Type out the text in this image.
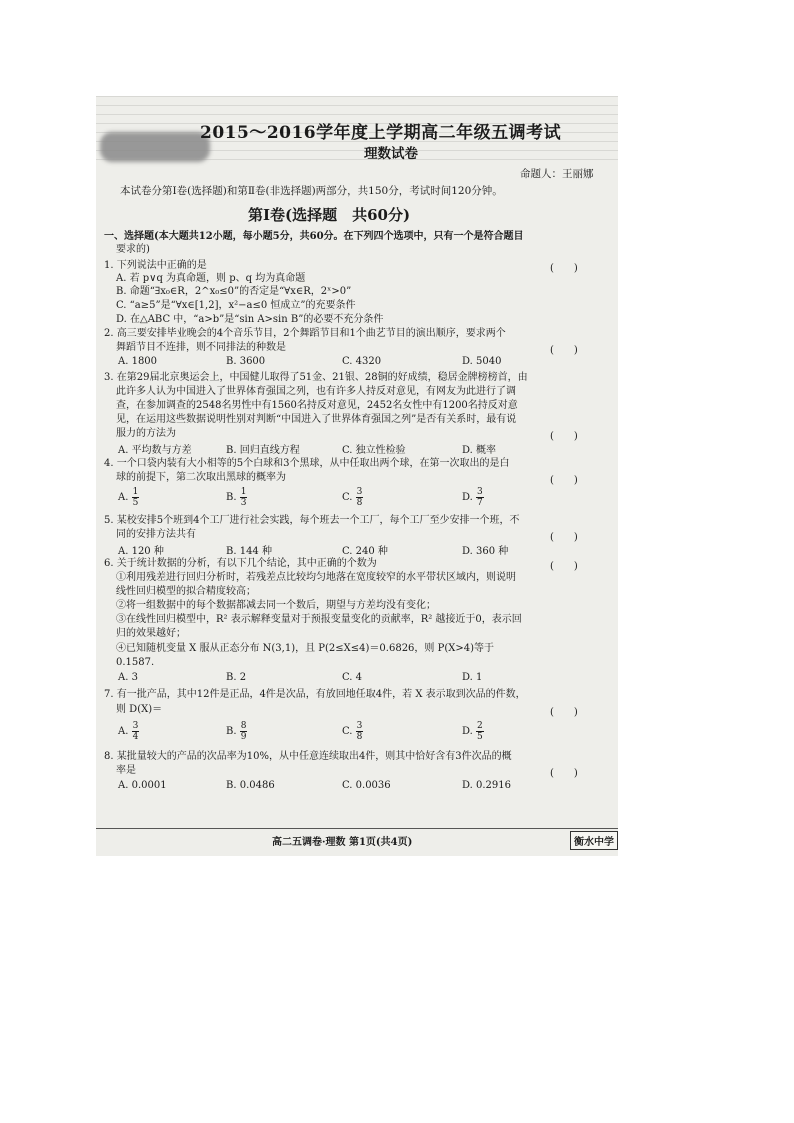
2015～2016学年度上学期高二年级五调考试
理数试卷
命题人：王丽娜
本试卷分第Ⅰ卷(选择题)和第Ⅱ卷(非选择题)两部分，共150分，考试时间120分钟。
第Ⅰ卷(选择题　共60分)
一、选择题(本大题共12小题，每小题5分，共60分。在下列四个选项中，只有一个是符合题目
要求的)
1. 下列说法中正确的是	(　　)
A. 若 p∨q 为真命题，则 p、q 均为真命题
B. 命题“∃x₀∈R，2^x₀≤0”的否定是“∀x∈R，2ˣ>0”
C. “a≥5”是“∀x∈[1,2]，x²−a≤0 恒成立”的充要条件
D. 在△ABC 中，“a>b”是“sin A>sin B”的必要不充分条件
2. 高三要安排毕业晚会的4个音乐节目，2个舞蹈节目和1个曲艺节目的演出顺序，要求两个
舞蹈节目不连排，则不同排法的种数是	(　　)
A. 1800	B. 3600	C. 4320	D. 5040
3. 在第29届北京奥运会上，中国健儿取得了51金、21银、28铜的好成绩，稳居金牌榜榜首，由
此许多人认为中国进入了世界体育强国之列，也有许多人持反对意见，有网友为此进行了调
查，在参加调查的2548名男性中有1560名持反对意见，2452名女性中有1200名持反对意
见，在运用这些数据说明性别对判断“中国进入了世界体育强国之列”是否有关系时，最有说
服力的方法为	(　　)
A. 平均数与方差	B. 回归直线方程	C. 独立性检验	D. 概率
4. 一个口袋内装有大小相等的5个白球和3个黑球，从中任取出两个球，在第一次取出的是白
球的前提下，第二次取出黑球的概率为	(　　)
A. $\frac{1}{5}$	B. $\frac{1}{3}$	C. $\frac{3}{8}$	D. $\frac{3}{7}$
5. 某校安排5个班到4个工厂进行社会实践，每个班去一个工厂，每个工厂至少安排一个班，不
同的安排方法共有	(　　)
A. 120 种	B. 144 种	C. 240 种	D. 360 种
6. 关于统计数据的分析，有以下几个结论，其中正确的个数为	(　　)
①利用残差进行回归分析时，若残差点比较均匀地落在宽度较窄的水平带状区域内，则说明
线性回归模型的拟合精度较高；
②将一组数据中的每个数据都减去同一个数后，期望与方差均没有变化；
③在线性回归模型中，R² 表示解释变量对于预报变量变化的贡献率，R² 越接近于0，表示回
归的效果越好；
④已知随机变量 X 服从正态分布 N(3,1)，且 P(2≤X≤4)＝0.6826，则 P(X>4)等于
0.1587.
A. 3	B. 2	C. 4	D. 1
7. 有一批产品，其中12件是正品，4件是次品，有放回地任取4件，若 X 表示取到次品的件数，
则 D(X)＝	(　　)
A. $\frac{3}{4}$	B. $\frac{8}{9}$	C. $\frac{3}{8}$	D. $\frac{2}{5}$
8. 某批量较大的产品的次品率为10%，从中任意连续取出4件，则其中恰好含有3件次品的概
率是	(　　)
A. 0.0001	B. 0.0486	C. 0.0036	D. 0.2916
高二五调卷·理数 第1页(共4页)	衡水中学
